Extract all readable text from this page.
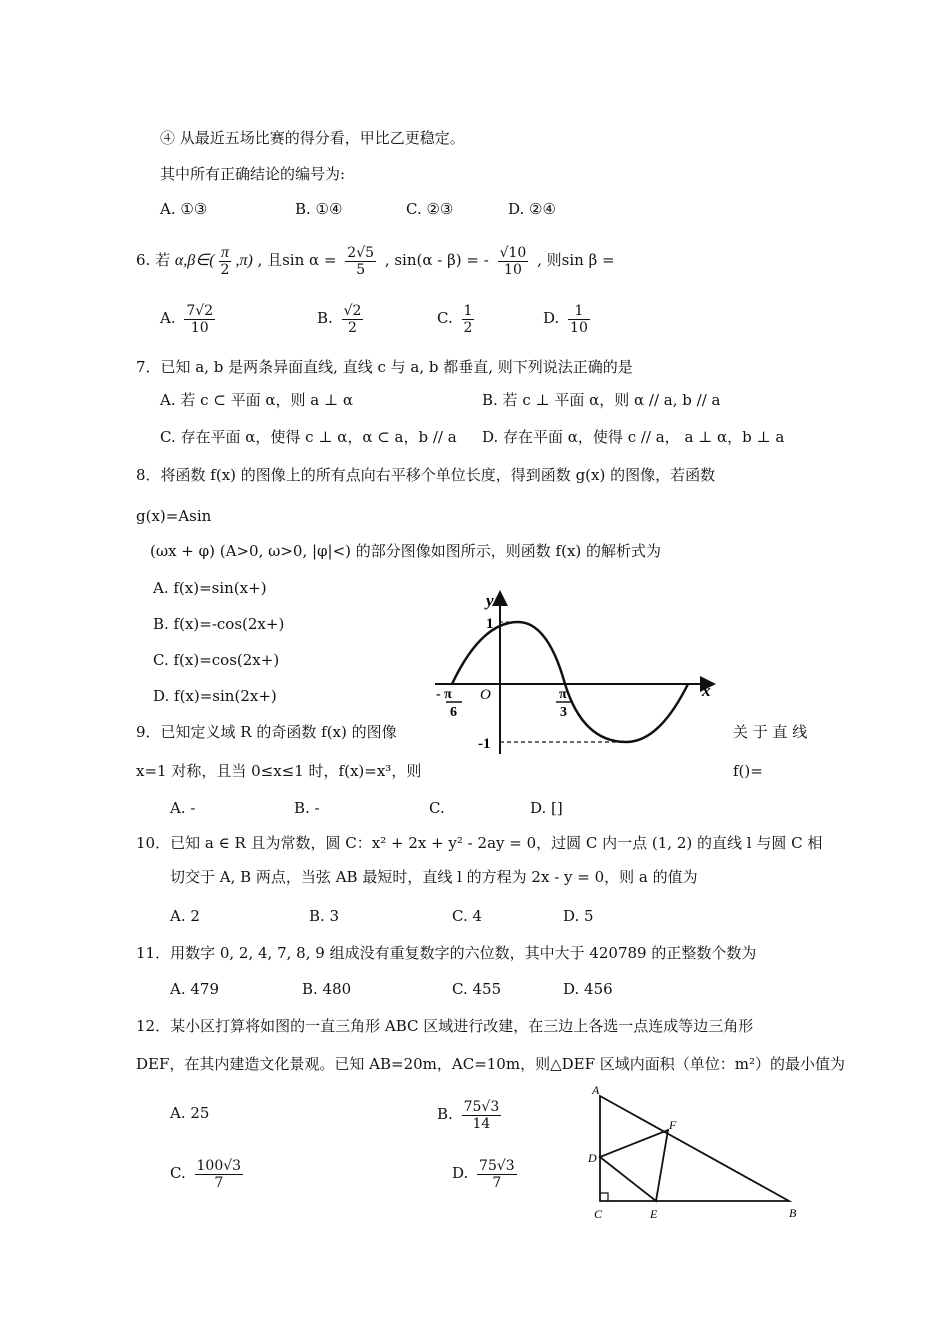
④ 从最近五场比赛的得分看，甲比乙更稳定。
其中所有正确结论的编号为:
A. ①③	B. ①④	C. ②③	D. ②④
6. 若 α,β∈( $\frac{\pi}{2} ,\pi$) , 且$\sin \alpha = \frac{2√5}{5}$ , sin(α - β) = - $\frac{√10}{10}$ , 则sin β =
A. $\frac{7√2}{10}$	B. $\frac{√2}{2}$	C. $\frac{1}{2}$	D. $\frac{1}{10}$
7．已知 a, b 是两条异面直线, 直线 c 与 a, b 都垂直, 则下列说法正确的是
A. 若 c ⊂ 平面 α，则 a ⊥ α	B. 若 c ⊥ 平面 α，则 α // a, b // a
C. 存在平面 α，使得 c ⊥ α，α ⊂ a，b // a D. 存在平面 α，使得 c // a， a ⊥ α，b ⊥ a
8．将函数 f(x) 的图像上的所有点向右平移个单位长度，得到函数 g(x) 的图像，若函数
g(x)=Asin
(ωx + φ) (A>0, ω>0, |φ|<) 的部分图像如图所示，则函数 f(x) 的解析式为
A. f(x)=sin(x+)
B. f(x)=-cos(2x+)
C. f(x)=cos(2x+)
D. f(x)=sin(2x+)
y
x
1
O
-1
- π
6
π
3
9．已知定义域 R 的奇函数 f(x) 的图像	关 于 直 线
x=1 对称，且当 0≤x≤1 时，f(x)=x³，则	f()=
A. -	B. -	C.	D. []
10．已知 a ∈ R 且为常数，圆 C：x² + 2x + y² - 2ay = 0，过圆 C 内一点 (1, 2) 的直线 l 与圆 C 相
切交于 A, B 两点，当弦 AB 最短时，直线 l 的方程为 2x - y = 0，则 a 的值为
A. 2	B. 3	C. 4	D. 5
11．用数字 0, 2, 4, 7, 8, 9 组成没有重复数字的六位数，其中大于 420789 的正整数个数为
A. 479	B. 480	C. 455	D. 456
12．某小区打算将如图的一直三角形 ABC 区域进行改建，在三边上各选一点连成等边三角形
DEF，在其内建造文化景观。已知 AB=20m，AC=10m，则△DEF 区域内面积（单位：m²）的最小值为
A. 25	B. $\frac{75√3}{14}$
C. $\frac{100√3}{7}$	D. $\frac{75√3}{7}$
A
B
C
D
E
F
